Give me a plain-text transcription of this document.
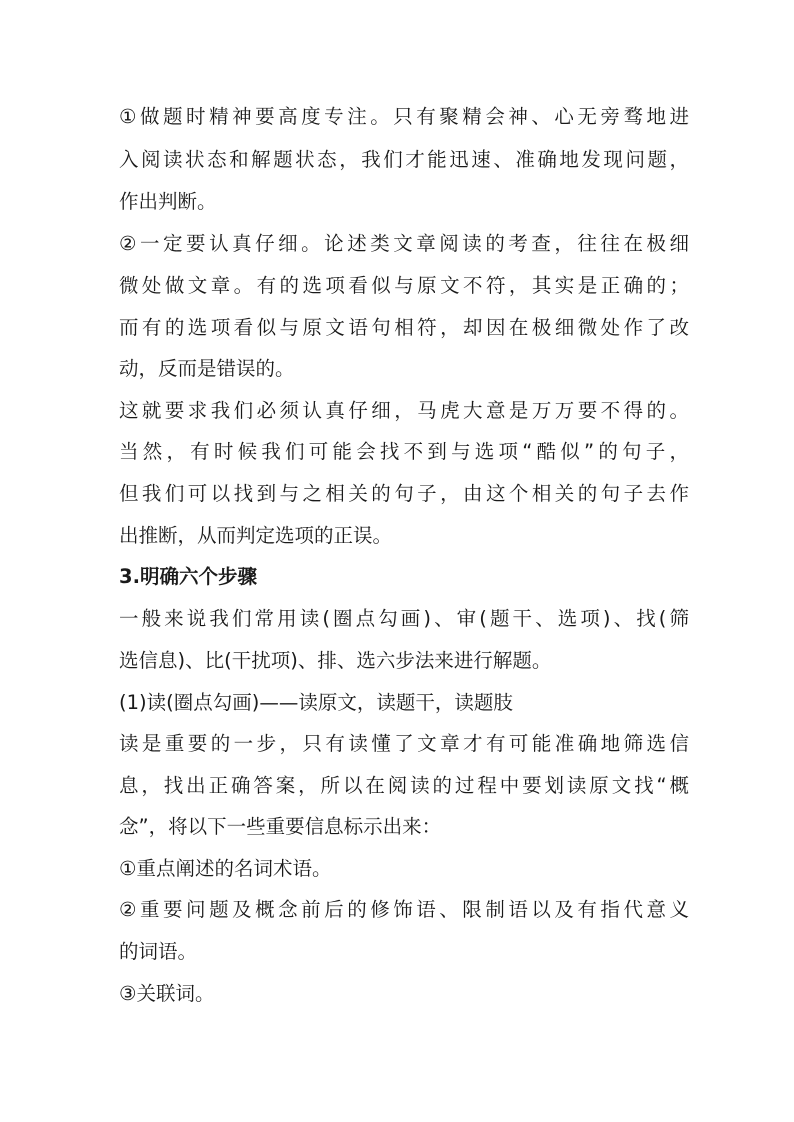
①做题时精神要高度专注。只有聚精会神、心无旁骛地进
入阅读状态和解题状态，我们才能迅速、准确地发现问题，
作出判断。
②一定要认真仔细。论述类文章阅读的考查，往往在极细
微处做文章。有的选项看似与原文不符，其实是正确的；
而有的选项看似与原文语句相符，却因在极细微处作了改
动，反而是错误的。
这就要求我们必须认真仔细，马虎大意是万万要不得的。
当然，有时候我们可能会找不到与选项“酷似”的句子，
但我们可以找到与之相关的句子，由这个相关的句子去作
出推断，从而判定选项的正误。
3.明确六个步骤
一般来说我们常用读(圈点勾画)、审(题干、选项)、找(筛
选信息)、比(干扰项)、排、选六步法来进行解题。
(1)读(圈点勾画)——读原文，读题干，读题肢
读是重要的一步，只有读懂了文章才有可能准确地筛选信
息，找出正确答案，所以在阅读的过程中要划读原文找“概
念”，将以下一些重要信息标示出来：
①重点阐述的名词术语。
②重要问题及概念前后的修饰语、限制语以及有指代意义
的词语。
③关联词。
